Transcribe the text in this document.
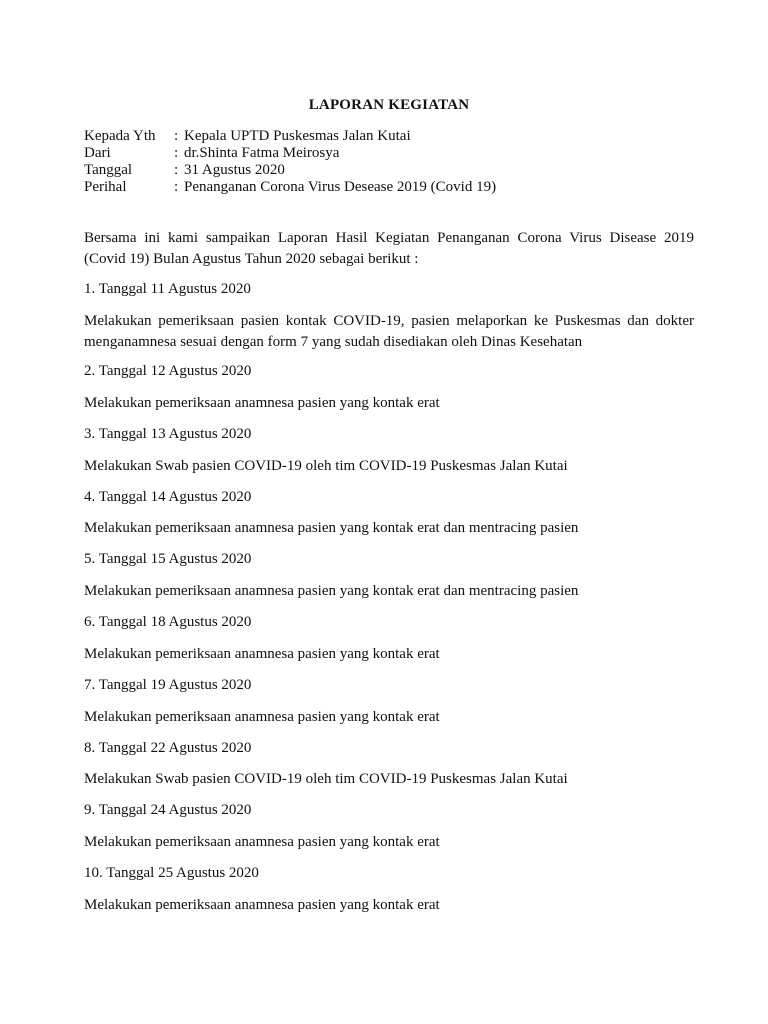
LAPORAN KEGIATAN
Kepada Yth	: Kepala UPTD Puskesmas Jalan Kutai
Dari	: dr.Shinta Fatma Meirosya
Tanggal	: 31 Agustus 2020
Perihal	: Penanganan Corona Virus Desease 2019 (Covid 19)
Bersama ini kami sampaikan Laporan Hasil Kegiatan Penanganan Corona Virus Disease 2019 (Covid 19) Bulan Agustus Tahun 2020 sebagai berikut :
1. Tanggal 11 Agustus 2020
Melakukan pemeriksaan pasien kontak COVID-19, pasien melaporkan ke Puskesmas dan dokter menganamnesa sesuai dengan form 7 yang sudah disediakan oleh Dinas Kesehatan
2. Tanggal 12 Agustus 2020
Melakukan pemeriksaan anamnesa pasien yang kontak erat
3. Tanggal 13 Agustus 2020
Melakukan Swab pasien COVID-19 oleh tim COVID-19 Puskesmas Jalan Kutai
4. Tanggal 14 Agustus 2020
Melakukan pemeriksaan anamnesa pasien yang kontak erat dan mentracing pasien
5. Tanggal 15 Agustus 2020
Melakukan pemeriksaan anamnesa pasien yang kontak erat dan mentracing pasien
6. Tanggal 18 Agustus 2020
Melakukan pemeriksaan anamnesa pasien yang kontak erat
7. Tanggal 19 Agustus 2020
Melakukan pemeriksaan anamnesa pasien yang kontak erat
8. Tanggal 22 Agustus 2020
Melakukan Swab pasien COVID-19 oleh tim COVID-19 Puskesmas Jalan Kutai
9. Tanggal 24 Agustus 2020
Melakukan pemeriksaan anamnesa pasien yang kontak erat
10. Tanggal 25 Agustus 2020
Melakukan pemeriksaan anamnesa pasien yang kontak erat
